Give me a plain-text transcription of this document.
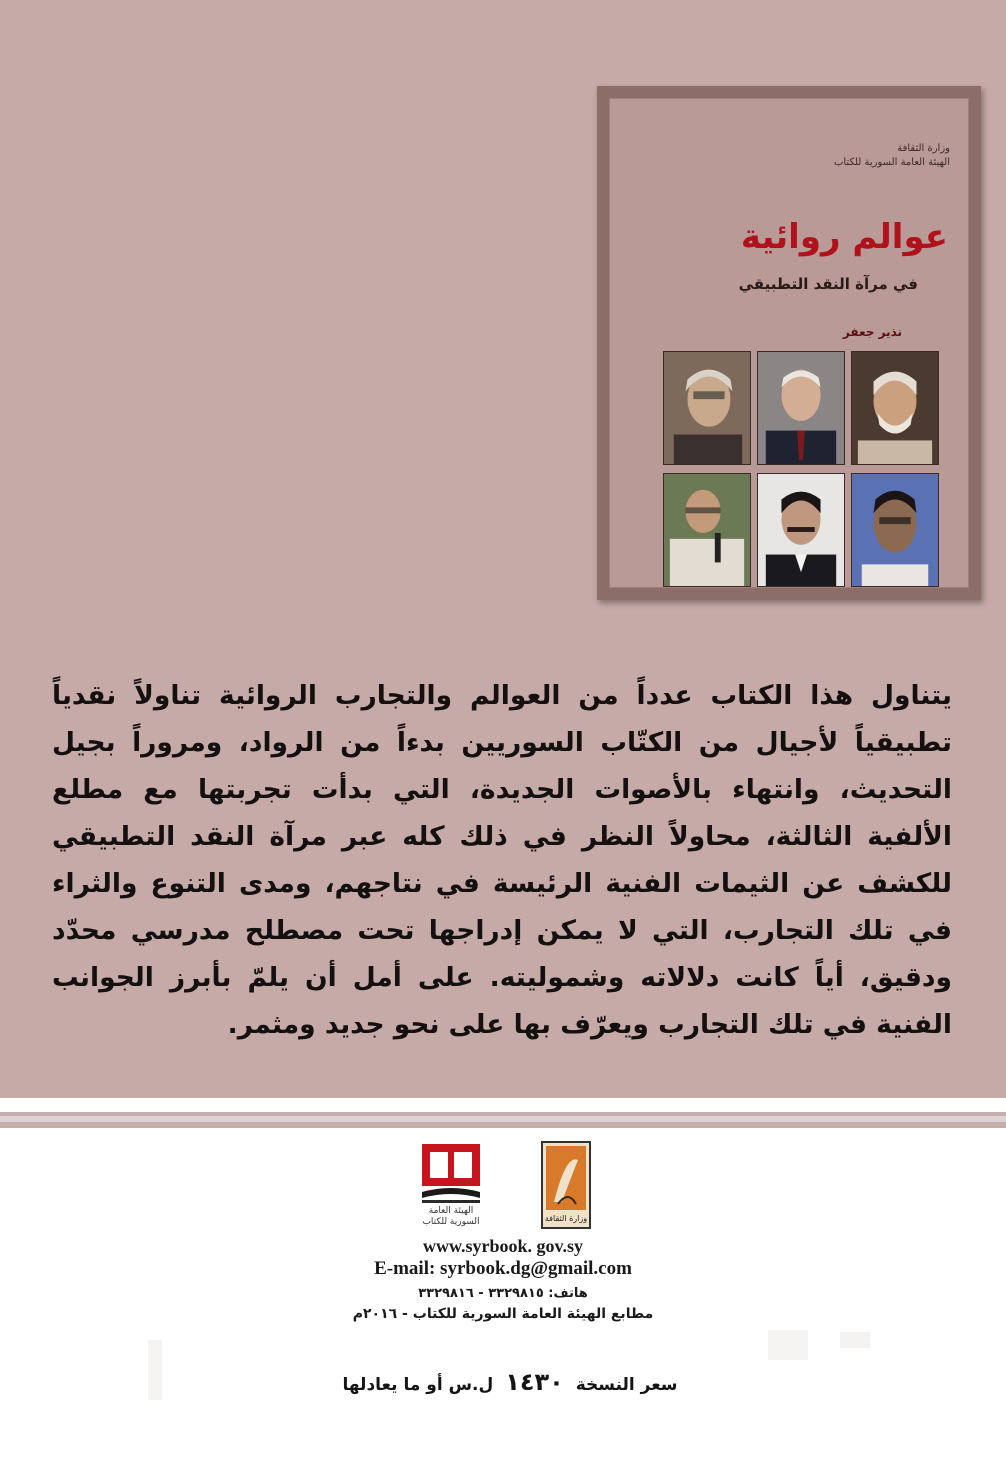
وزارة الثقافة
الهيئة العامة السورية للكتاب
عوالم روائية
في مرآة النقد التطبيقي
نذير جعفر
يتناول هذا الكتاب عدداً من العوالم والتجارب الروائية تناولاً نقدياً تطبيقياً لأجيال من الكتّاب السوريين بدءاً من الرواد، ومروراً بجيل التحديث، وانتهاء بالأصوات الجديدة، التي بدأت تجربتها مع مطلع الألفية الثالثة، محاولاً النظر في ذلك كله عبر مرآة النقد التطبيقي للكشف عن الثيمات الفنية الرئيسة في نتاجهم، ومدى التنوع والثراء في تلك التجارب، التي لا يمكن إدراجها تحت مصطلح مدرسي محدّد ودقيق، أياً كانت دلالاته وشموليته. على أمل أن يلمّ بأبرز الجوانب الفنية في تلك التجارب ويعرّف بها على نحو جديد ومثمر.
الهيئة العامة
السورية للكتاب	وزارة الثقافة
www.syrbook. gov.sy
E-mail: syrbook.dg@gmail.com
هاتف: ٣٣٢٩٨١٥ - ٣٣٢٩٨١٦
مطابع الهيئة العامة السورية للكتاب - ٢٠١٦م
سعر النسخة ١٤٣٠ ل.س أو ما يعادلها
